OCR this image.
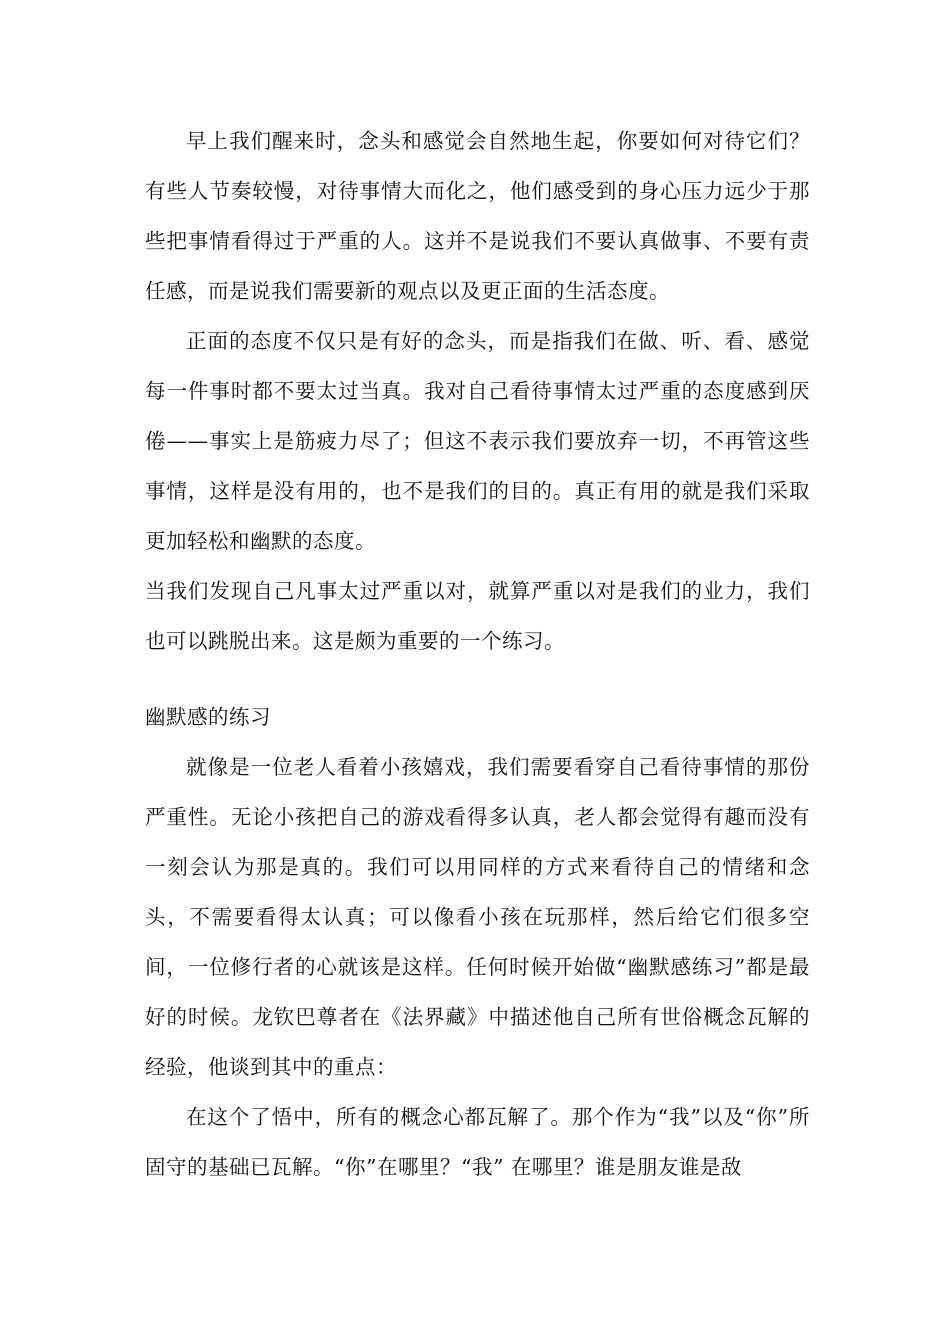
早上我们醒来时，念头和感觉会自然地生起，你要如何对待它们？有些人节奏较慢，对待事情大而化之，他们感受到的身心压力远少于那些把事情看得过于严重的人。这并不是说我们不要认真做事、不要有责任感，而是说我们需要新的观点以及更正面的生活态度。

正面的态度不仅只是有好的念头，而是指我们在做、听、看、感觉每一件事时都不要太过当真。我对自己看待事情太过严重的态度感到厌倦——事实上是筋疲力尽了；但这不表示我们要放弃一切，不再管这些事情，这样是没有用的，也不是我们的目的。真正有用的就是我们采取更加轻松和幽默的态度。

当我们发现自己凡事太过严重以对，就算严重以对是我们的业力，我们也可以跳脱出来。这是颇为重要的一个练习。

幽默感的练习

就像是一位老人看着小孩嬉戏，我们需要看穿自己看待事情的那份严重性。无论小孩把自己的游戏看得多认真，老人都会觉得有趣而没有一刻会认为那是真的。我们可以用同样的方式来看待自己的情绪和念头，不需要看得太认真；可以像看小孩在玩那样，然后给它们很多空间，一位修行者的心就该是这样。任何时候开始做“幽默感练习”都是最好的时候。龙钦巴尊者在《法界藏》中描述他自己所有世俗概念瓦解的经验，他谈到其中的重点：

在这个了悟中，所有的概念心都瓦解了。那个作为“我”以及“你”所固守的基础已瓦解。“你”在哪里？“我” 在哪里？谁是朋友谁是敌
